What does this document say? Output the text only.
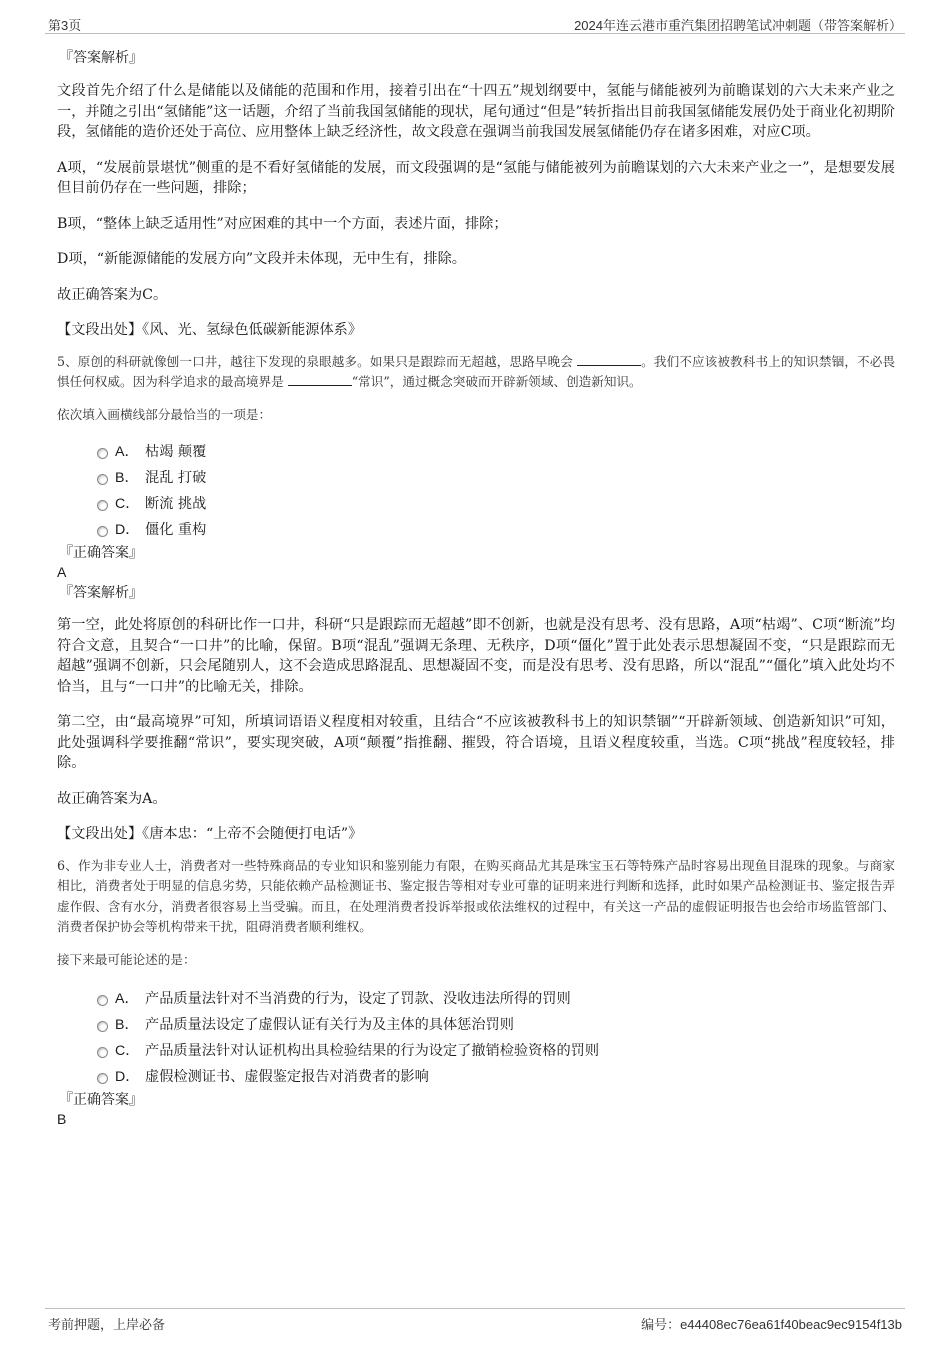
第3页	2024年连云港市重汽集团招聘笔试冲刺题（带答案解析）
『答案解析』

文段首先介绍了什么是储能以及储能的范围和作用，接着引出在“十四五”规划纲要中，氢能与储能被列为前瞻谋划的六大未来产业之一，并随之引出“氢储能”这一话题，介绍了当前我国氢储能的现状，尾句通过“但是”转折指出目前我国氢储能发展仍处于商业化初期阶段，氢储能的造价还处于高位、应用整体上缺乏经济性，故文段意在强调当前我国发展氢储能仍存在诸多困难，对应C项。

A项，“发展前景堪忧”侧重的是不看好氢储能的发展，而文段强调的是“氢能与储能被列为前瞻谋划的六大未来产业之一”，是想要发展但目前仍存在一些问题，排除；

B项，“整体上缺乏适用性”对应困难的其中一个方面，表述片面，排除；

D项，“新能源储能的发展方向”文段并未体现，无中生有，排除。

故正确答案为C。

【文段出处】《风、光、氢绿色低碳新能源体系》

5、原创的科研就像刨一口井，越往下发现的泉眼越多。如果只是跟踪而无超越，思路早晚会	。我们不应该被教科书上的知识禁锢，不必畏惧任何权威。因为科学追求的最高境界是	“常识”，通过概念突破而开辟新领域、创造新知识。

依次填入画横线部分最恰当的一项是：

A． 枯竭 颠覆
B． 混乱 打破
C． 断流 挑战
D． 僵化 重构
『正确答案』
A
『答案解析』

第一空，此处将原创的科研比作一口井，科研“只是跟踪而无超越”即不创新，也就是没有思考、没有思路，A项“枯竭”、C项“断流”均符合文意，且契合“一口井”的比喻，保留。B项“混乱”强调无条理、无秩序，D项“僵化”置于此处表示思想凝固不变，“只是跟踪而无超越”强调不创新，只会尾随别人，这不会造成思路混乱、思想凝固不变，而是没有思考、没有思路，所以“混乱”“僵化”填入此处均不恰当，且与“一口井”的比喻无关，排除。

第二空，由“最高境界”可知，所填词语语义程度相对较重，且结合“不应该被教科书上的知识禁锢”“开辟新领域、创造新知识”可知，此处强调科学要推翻“常识”，要实现突破，A项“颠覆”指推翻、摧毁，符合语境，且语义程度较重，当选。C项“挑战”程度较轻，排除。

故正确答案为A。

【文段出处】《唐本忠：“上帝不会随便打电话”》

6、作为非专业人士，消费者对一些特殊商品的专业知识和鉴别能力有限，在购买商品尤其是珠宝玉石等特殊产品时容易出现鱼目混珠的现象。与商家相比，消费者处于明显的信息劣势，只能依赖产品检测证书、鉴定报告等相对专业可靠的证明来进行判断和选择，此时如果产品检测证书、鉴定报告弄虚作假、含有水分，消费者很容易上当受骗。而且，在处理消费者投诉举报或依法维权的过程中，有关这一产品的虚假证明报告也会给市场监管部门、消费者保护协会等机构带来干扰，阻碍消费者顺利维权。

接下来最可能论述的是：

A． 产品质量法针对不当消费的行为，设定了罚款、没收违法所得的罚则
B． 产品质量法设定了虚假认证有关行为及主体的具体惩治罚则
C． 产品质量法针对认证机构出具检验结果的行为设定了撤销检验资格的罚则
D． 虚假检测证书、虚假鉴定报告对消费者的影响
『正确答案』
B
考前押题，上岸必备	编号：e44408ec76ea61f40beac9ec9154f13b
